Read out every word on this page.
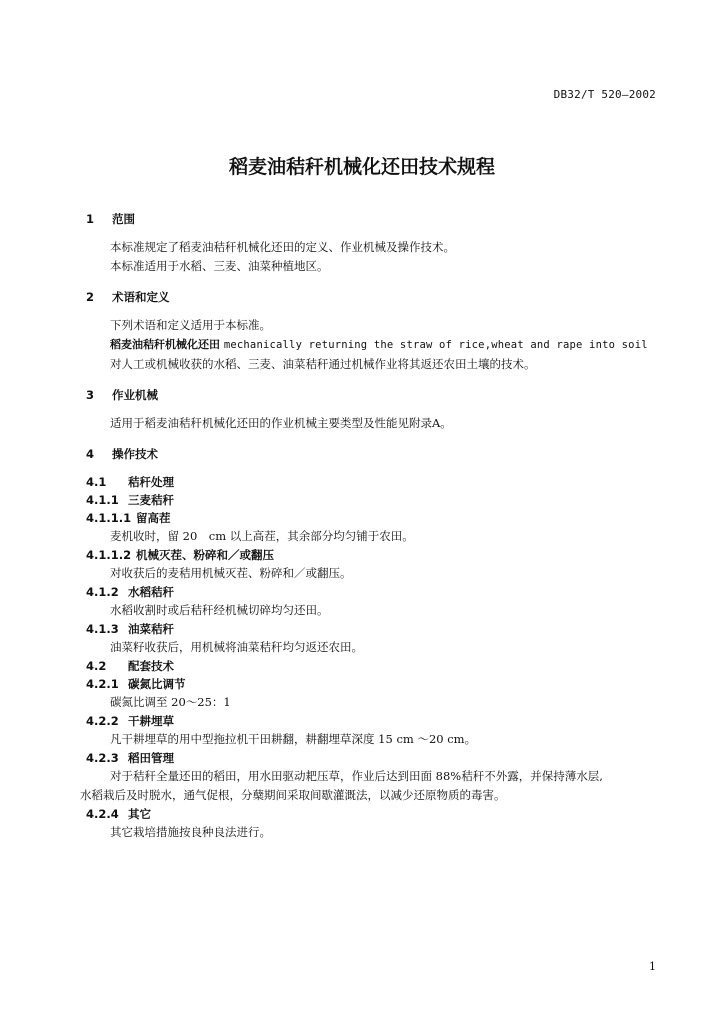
DB32/T 520—2002
稻麦油秸秆机械化还田技术规程
1 范围
本标准规定了稻麦油秸秆机械化还田的定义、作业机械及操作技术。
本标准适用于水稻、三麦、油菜种植地区。
2 术语和定义
下列术语和定义适用于本标准。
稻麦油秸秆机械化还田 mechanically returning the straw of rice,wheat and rape into soil
对人工或机械收获的水稻、三麦、油菜秸秆通过机械作业将其返还农田土壤的技术。
3 作业机械
适用于稻麦油秸秆机械化还田的作业机械主要类型及性能见附录A。
4 操作技术
4.1 秸秆处理
4.1.1 三麦秸秆
4.1.1.1 留高茬
麦机收时，留 20　cm 以上高茬，其余部分均匀铺于农田。
4.1.1.2 机械灭茬、粉碎和／或翻压
对收获后的麦秸用机械灭茬、粉碎和／或翻压。
4.1.2 水稻秸秆
水稻收割时或后秸秆经机械切碎均匀还田。
4.1.3 油菜秸秆
油菜籽收获后，用机械将油菜秸秆均匀返还农田。
4.2 配套技术
4.2.1 碳氮比调节
碳氮比调至 20～25：1
4.2.2 干耕埋草
凡干耕埋草的用中型拖拉机干田耕翻，耕翻埋草深度 15 cm ～20 cm。
4.2.3 稻田管理
对于秸秆全量还田的稻田，用水田驱动耙压草，作业后达到田面 88%秸秆不外露，并保持薄水层,
水稻栽后及时脱水，通气促根，分蘖期间采取间歇灌溉法，以减少还原物质的毒害。
4.2.4 其它
其它栽培措施按良种良法进行。
1
